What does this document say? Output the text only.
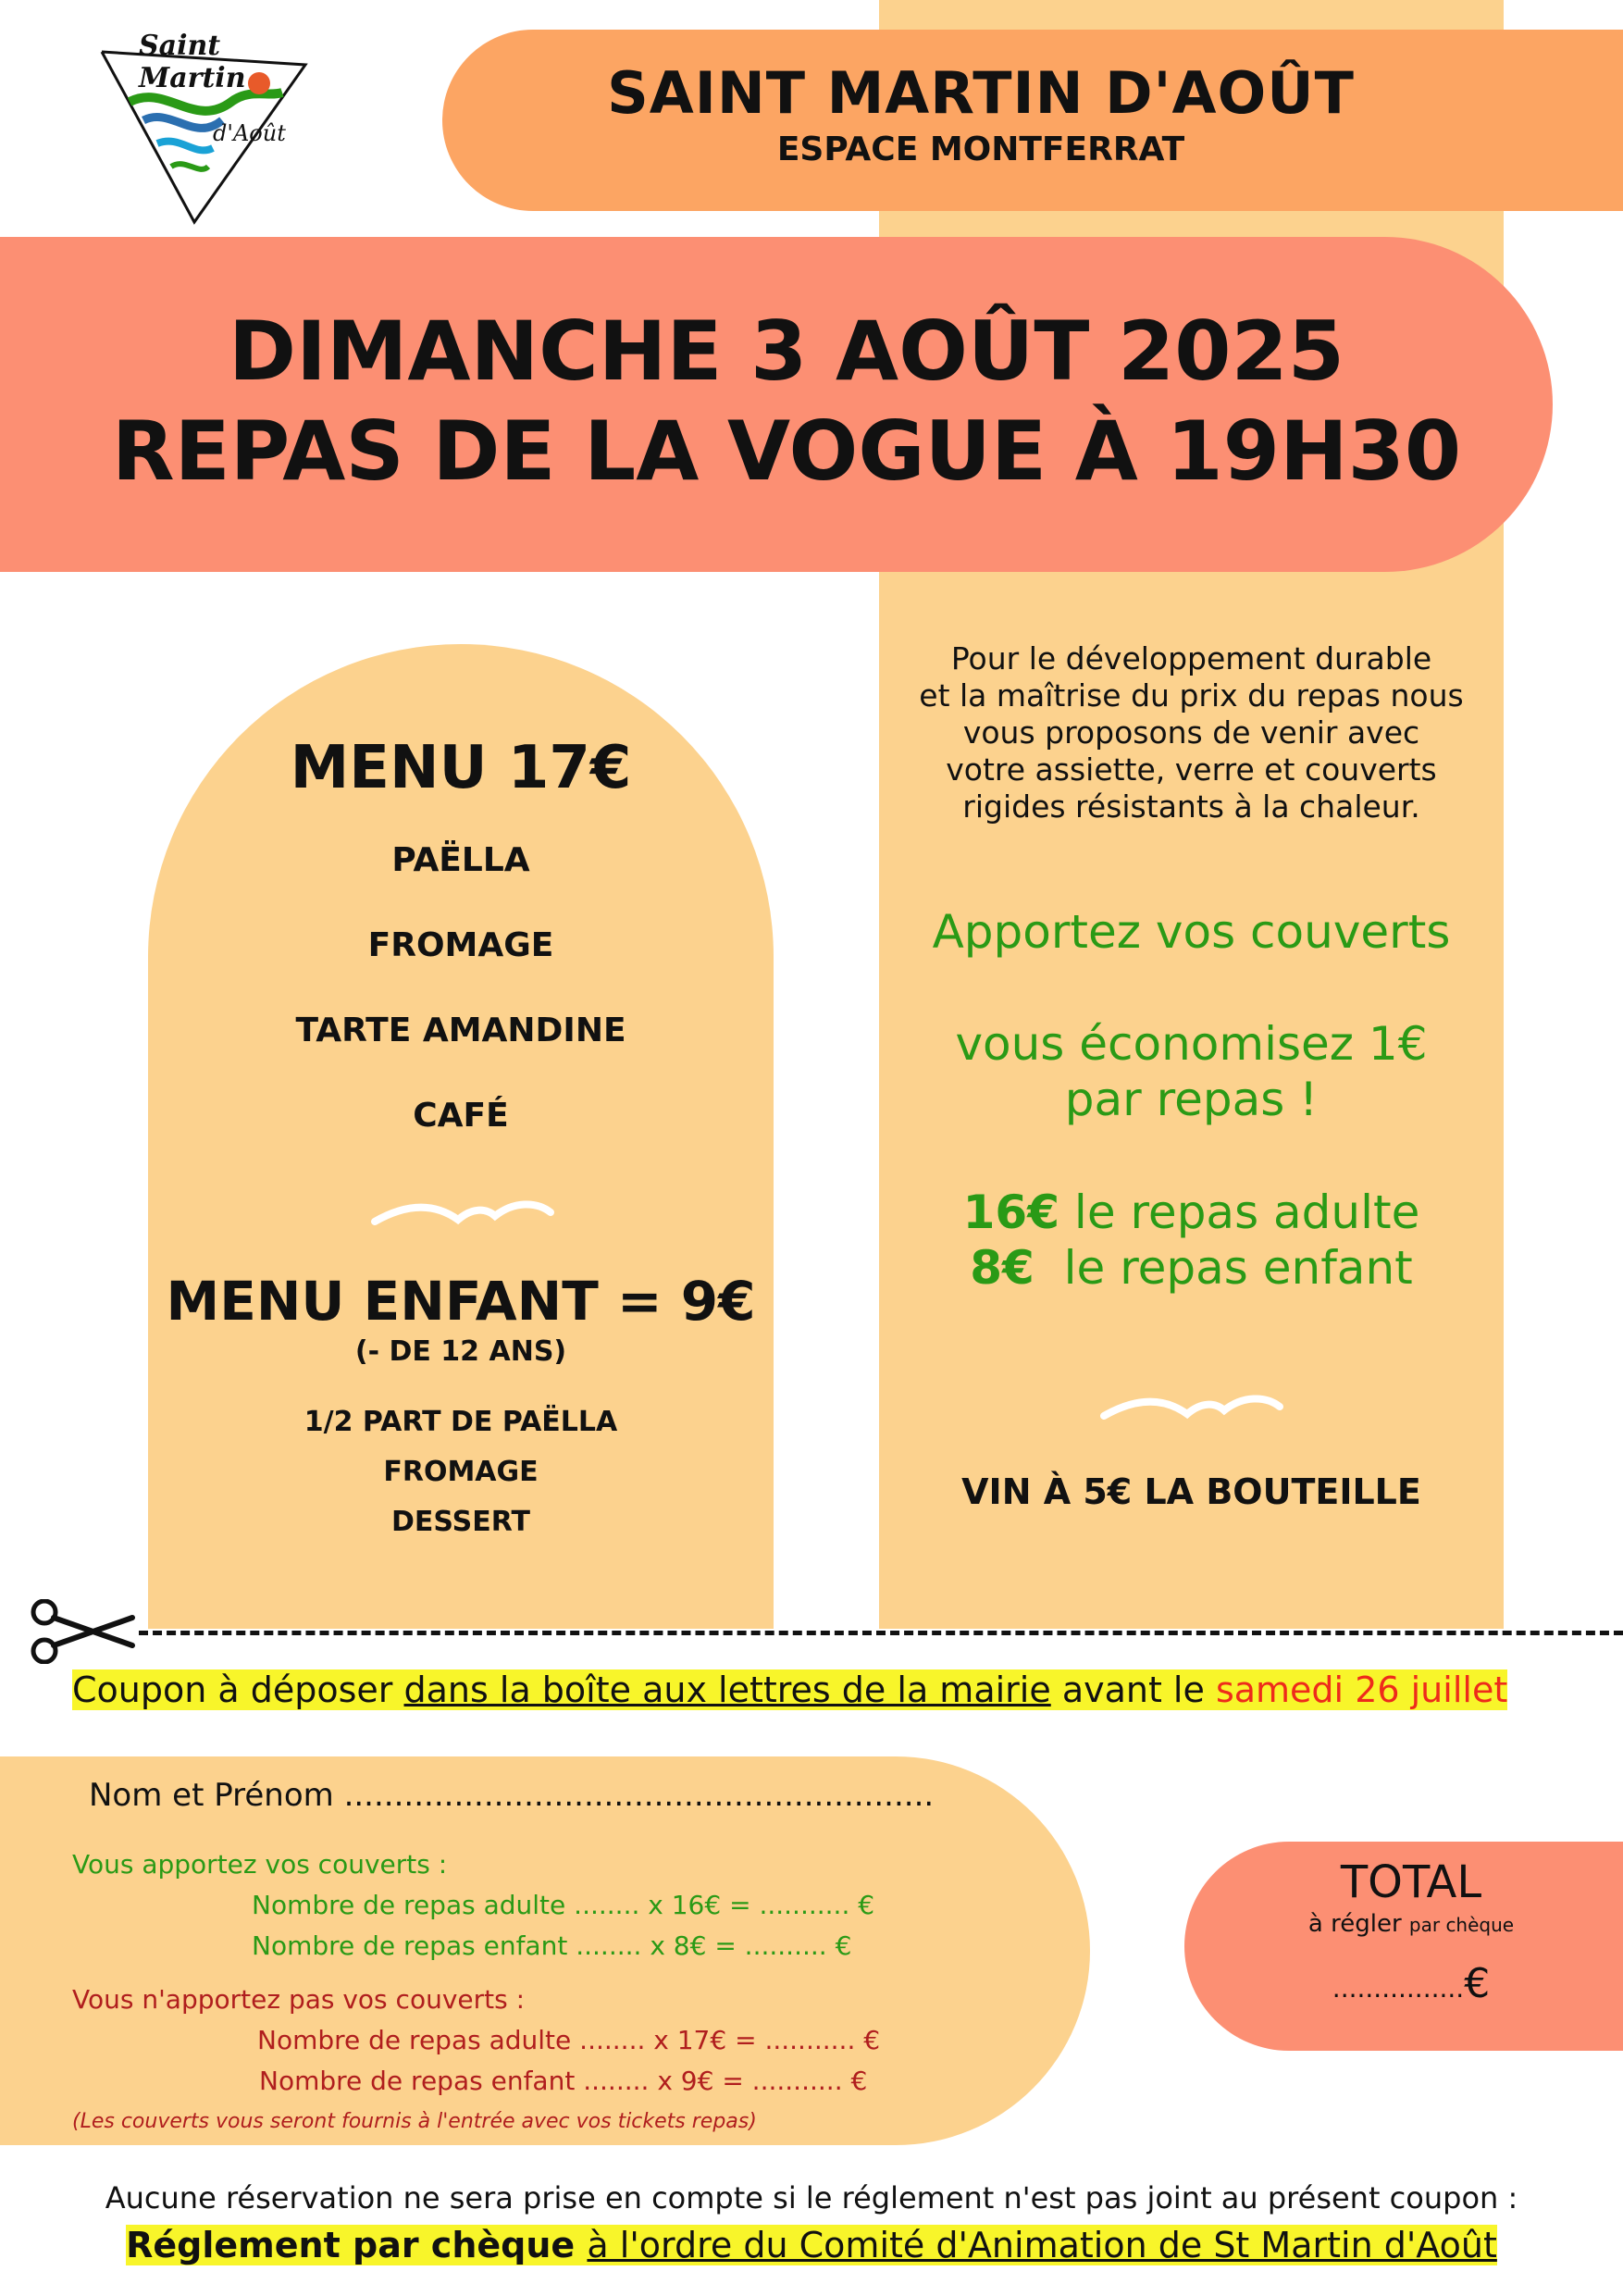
Saint Martin
d'Août
SAINT MARTIN D'AOÛT
ESPACE MONTFERRAT
DIMANCHE 3 AOÛT 2025
REPAS DE LA VOGUE À 19H30
MENU 17€
PAËLLA
FROMAGE
TARTE AMANDINE
CAFÉ
MENU ENFANT = 9€
(- DE 12 ANS)
1/2 PART DE PAËLLA
FROMAGE
DESSERT
Pour le développement durable
et la maîtrise du prix du repas nous
vous proposons de venir avec
votre assiette, verre et couverts
rigides résistants à la chaleur.
Apportez vos couverts
vous économisez 1€
par repas !
16€ le repas adulte
8€ le repas enfant
VIN À 5€ LA BOUTEILLE
Coupon à déposer dans la boîte aux lettres de la mairie avant le samedi 26 juillet
Nom et Prénom ...........................................................
Vous apportez vos couverts :
Nombre de repas adulte ........ x 16€ = ........... €
Nombre de repas enfant ........ x 8€ = .......... €
Vous n'apportez pas vos couverts :
Nombre de repas adulte ........ x 17€ = ........... €
Nombre de repas enfant ........ x 9€ = ........... €
(Les couverts vous seront fournis à l'entrée avec vos tickets repas)
TOTAL
à régler par chèque
................€
Aucune réservation ne sera prise en compte si le réglement n'est pas joint au présent coupon :
Réglement par chèque à l'ordre du Comité d'Animation de St Martin d'Août
